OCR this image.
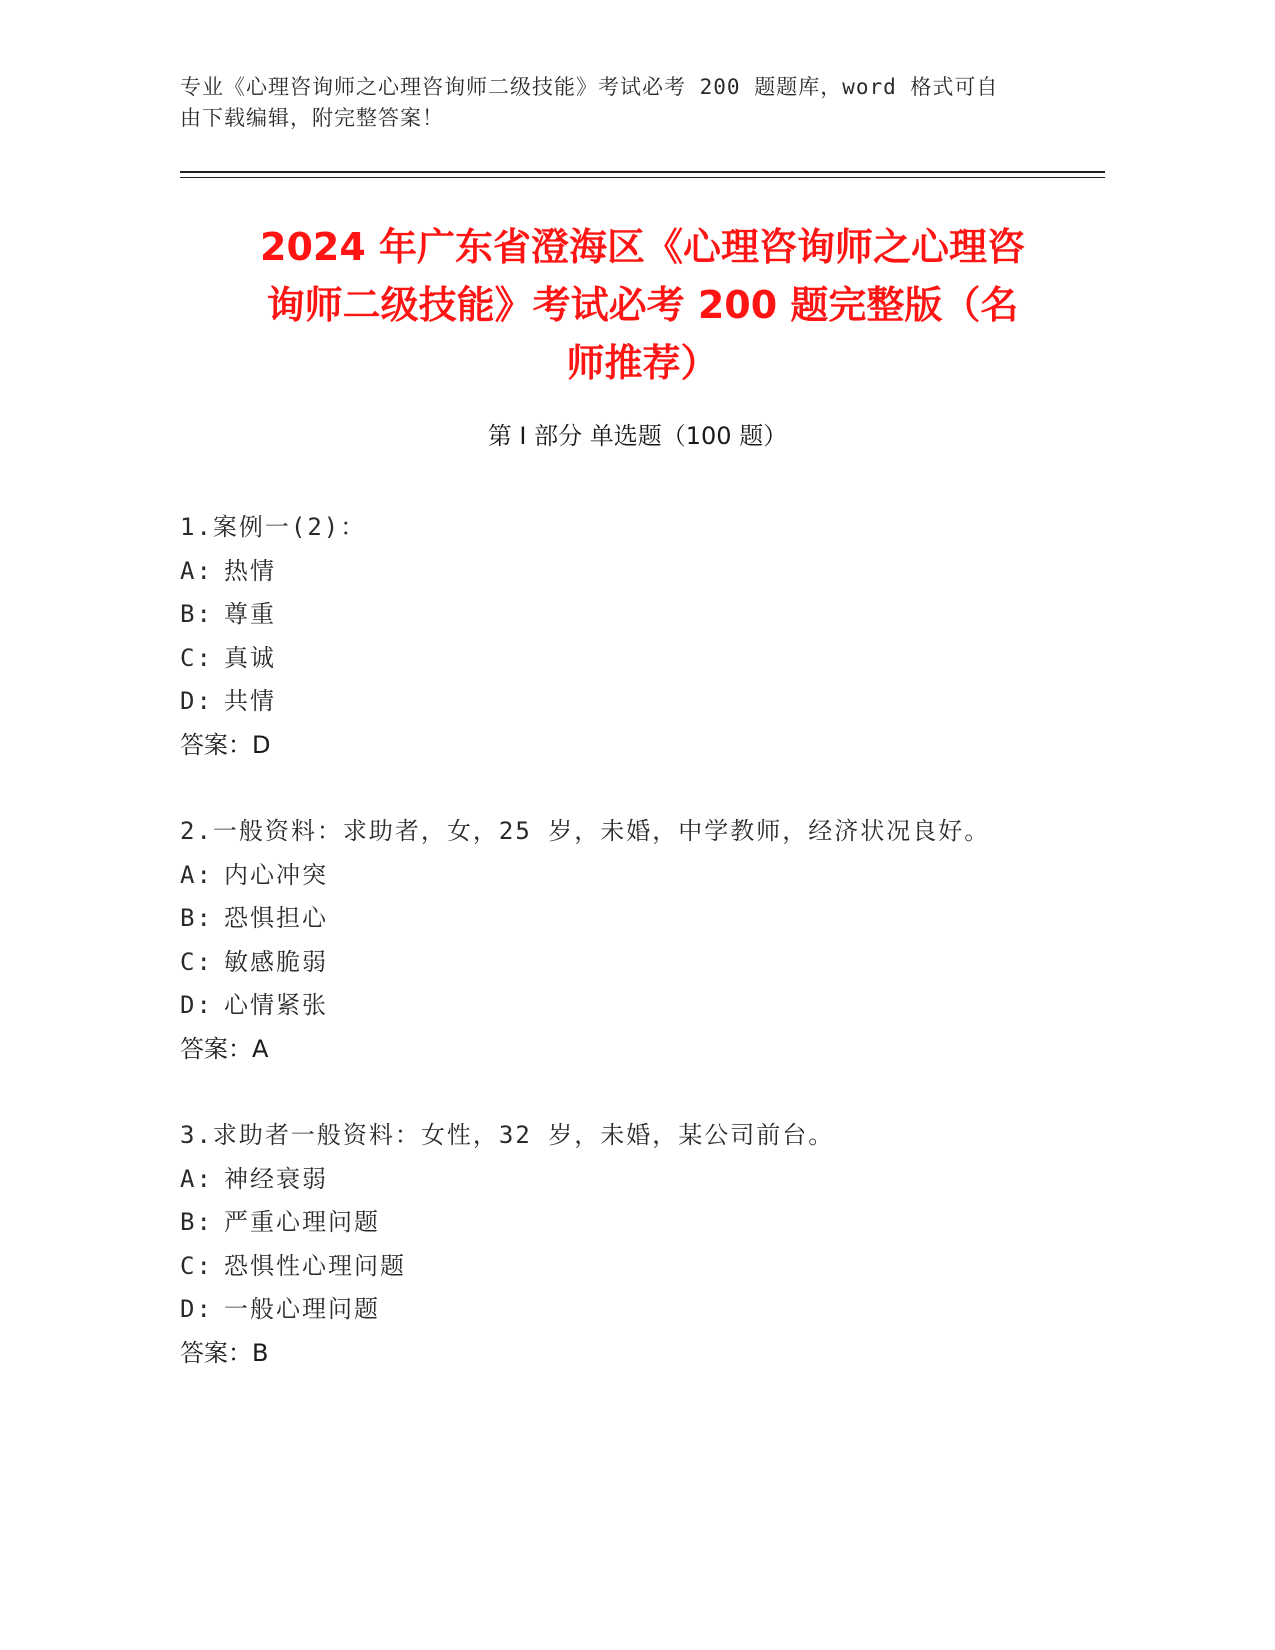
专业《心理咨询师之心理咨询师二级技能》考试必考 200 题题库，word 格式可自
由下载编辑，附完整答案！
2024 年广东省澄海区《心理咨询师之心理咨
询师二级技能》考试必考 200 题完整版（名
师推荐）
第 I 部分 单选题（100 题）
1.案例一(2)：
A: 热情
B: 尊重
C: 真诚
D: 共情
答案：D
2.一般资料：求助者，女，25 岁，未婚，中学教师，经济状况良好。
A: 内心冲突
B: 恐惧担心
C: 敏感脆弱
D: 心情紧张
答案：A
3.求助者一般资料：女性，32 岁，未婚，某公司前台。
A: 神经衰弱
B: 严重心理问题
C: 恐惧性心理问题
D: 一般心理问题
答案：B
